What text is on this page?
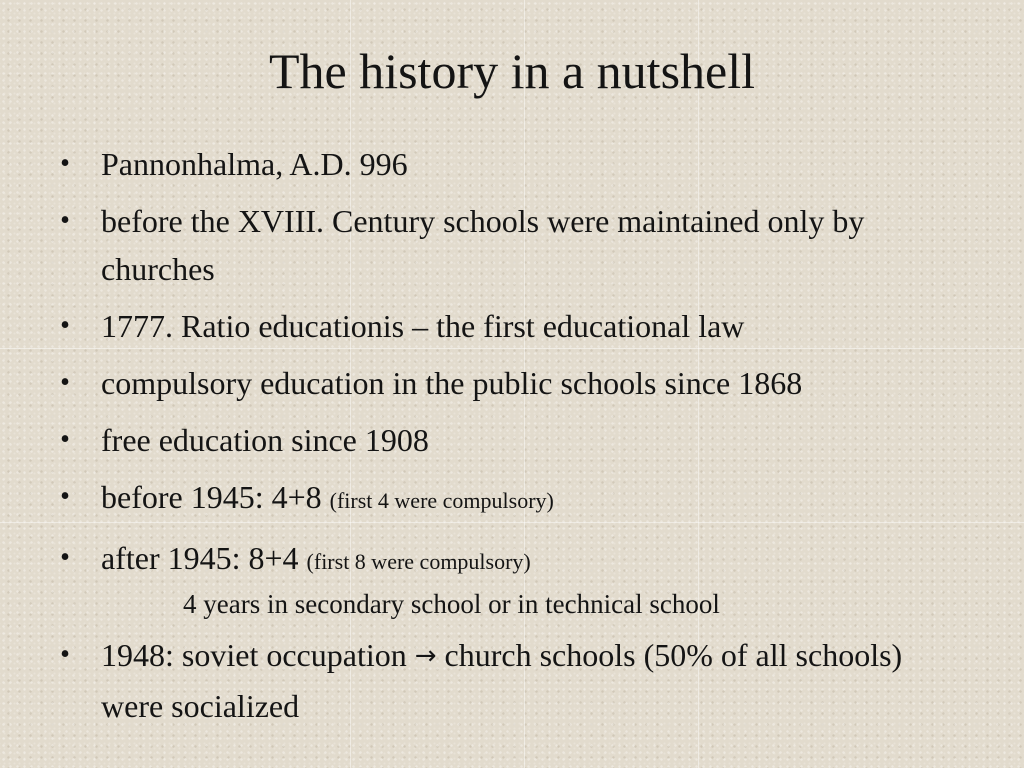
The history in a nutshell
• Pannonhalma, A.D. 996
• before the XVIII. Century schools were maintained only by churches
• 1777. Ratio educationis – the first educational law
• compulsory education in the public schools since 1868
• free education since 1908
• before 1945: 4+8 (first 4 were compulsory)
• after 1945: 8+4 (first 8 were compulsory)
4 years in secondary school or in technical school
• 1948: soviet occupation → church schools (50% of all schools) were socialized
